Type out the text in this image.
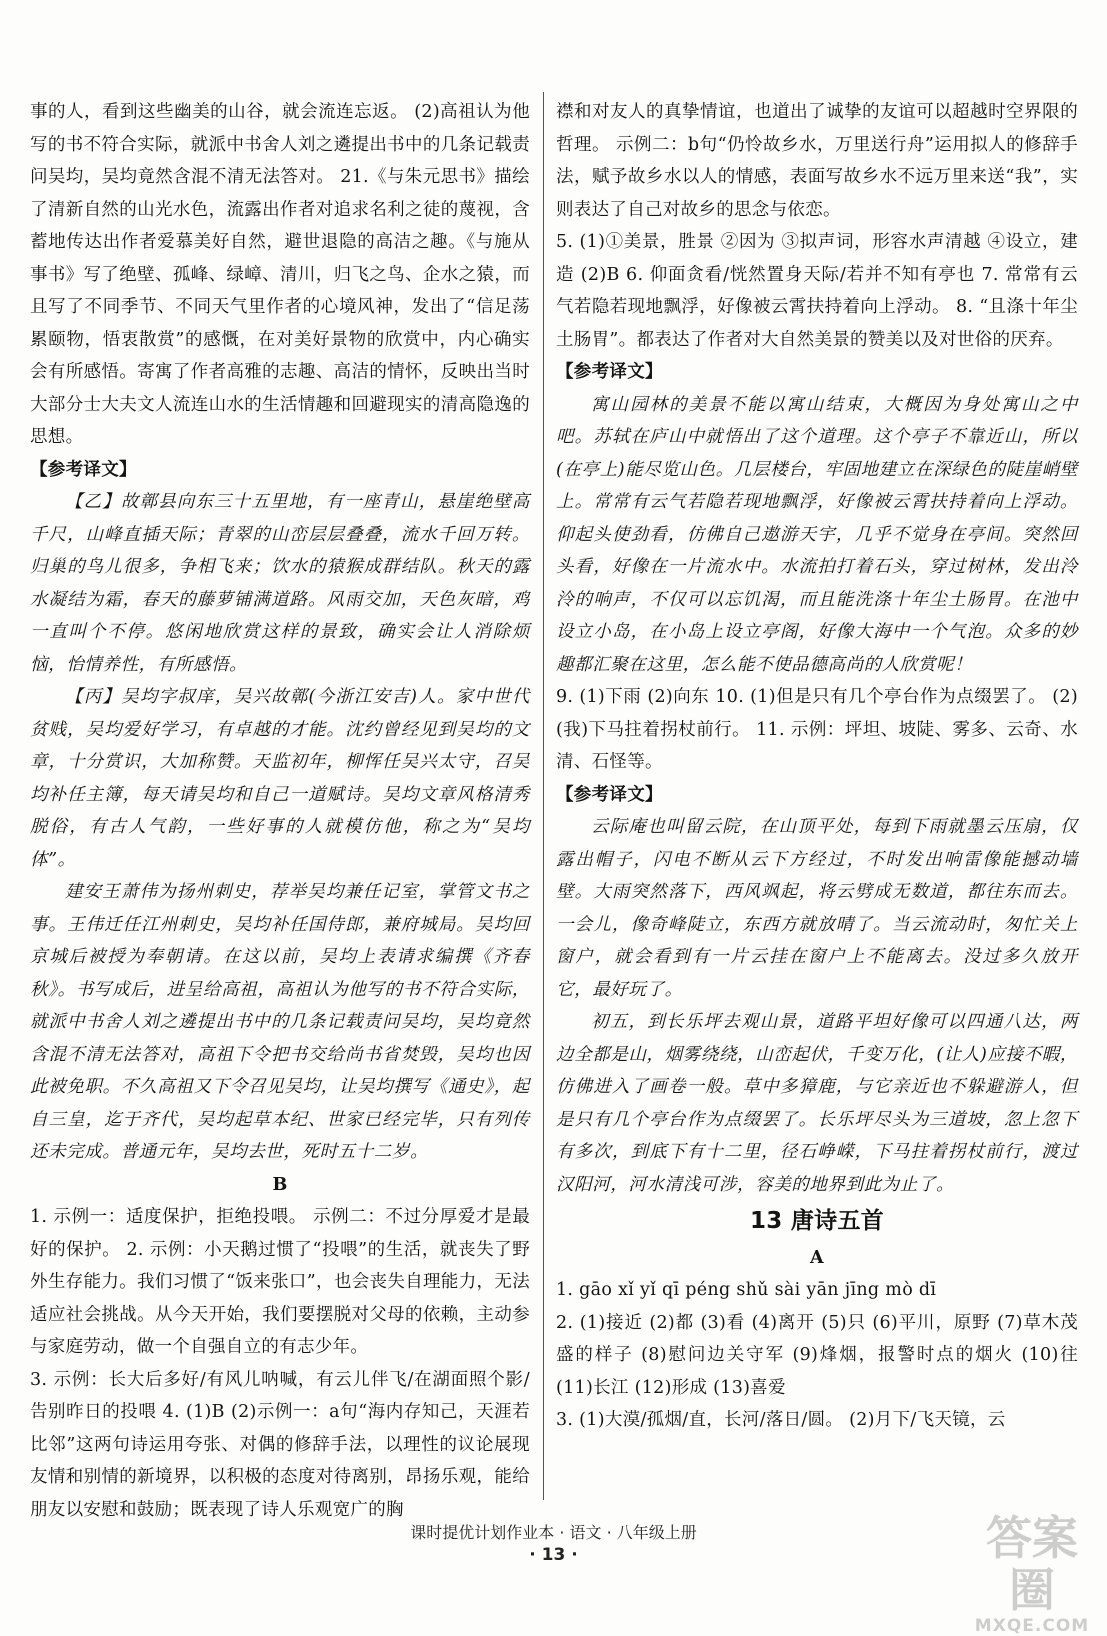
事的人，看到这些幽美的山谷，就会流连忘返。 (2)高祖认为他写的书不符合实际，就派中书舍人刘之遴提出书中的几条记载责问吴均，吴均竟然含混不清无法答对。 21.《与朱元思书》描绘了清新自然的山光水色，流露出作者对追求名利之徒的蔑视，含蓄地传达出作者爱慕美好自然，避世退隐的高洁之趣。《与施从事书》写了绝壁、孤峰、绿嶂、清川，归飞之鸟、企水之猿，而且写了不同季节、不同天气里作者的心境风神，发出了“信足荡累颐物，悟衷散赏”的感慨，在对美好景物的欣赏中，内心确实会有所感悟。寄寓了作者高雅的志趣、高洁的情怀，反映出当时大部分士大夫文人流连山水的生活情趣和回避现实的清高隐逸的思想。

【参考译文】

【乙】故鄣县向东三十五里地，有一座青山，悬崖绝壁高千尺，山峰直插天际；青翠的山峦层层叠叠，流水千回万转。归巢的鸟儿很多，争相飞来；饮水的猿猴成群结队。秋天的露水凝结为霜，春天的藤萝铺满道路。风雨交加，天色灰暗，鸡一直叫个不停。悠闲地欣赏这样的景致，确实会让人消除烦恼，怡情养性，有所感悟。

【丙】吴均字叔庠，吴兴故鄣(今浙江安吉)人。家中世代贫贱，吴均爱好学习，有卓越的才能。沈约曾经见到吴均的文章，十分赏识，大加称赞。天监初年，柳恽任吴兴太守，召吴均补任主簿，每天请吴均和自己一道赋诗。吴均文章风格清秀脱俗，有古人气韵，一些好事的人就模仿他，称之为“吴均体”。

建安王萧伟为扬州刺史，荐举吴均兼任记室，掌管文书之事。王伟迁任江州刺史，吴均补任国侍郎，兼府城局。吴均回京城后被授为奉朝请。在这以前，吴均上表请求编撰《齐春秋》。书写成后，进呈给高祖，高祖认为他写的书不符合实际，就派中书舍人刘之遴提出书中的几条记载责问吴均，吴均竟然含混不清无法答对，高祖下令把书交给尚书省焚毁，吴均也因此被免职。不久高祖又下令召见吴均，让吴均撰写《通史》，起自三皇，迄于齐代，吴均起草本纪、世家已经完毕，只有列传还未完成。普通元年，吴均去世，死时五十二岁。

B

1. 示例一：适度保护，拒绝投喂。 示例二：不过分厚爱才是最好的保护。 2. 示例：小天鹅过惯了“投喂”的生活，就丧失了野外生存能力。我们习惯了“饭来张口”，也会丧失自理能力，无法适应社会挑战。从今天开始，我们要摆脱对父母的依赖，主动参与家庭劳动，做一个自强自立的有志少年。

3. 示例：长大后多好/有风儿呐喊，有云儿伴飞/在湖面照个影/告别昨日的投喂 4. (1)B (2)示例一：a句“海内存知己，天涯若比邻”这两句诗运用夸张、对偶的修辞手法，以理性的议论展现友情和别情的新境界，以积极的态度对待离别，昂扬乐观，能给朋友以安慰和鼓励；既表现了诗人乐观宽广的胸

襟和对友人的真挚情谊，也道出了诚挚的友谊可以超越时空界限的哲理。 示例二：b句“仍怜故乡水，万里送行舟”运用拟人的修辞手法，赋予故乡水以人的情感，表面写故乡水不远万里来送“我”，实则表达了自己对故乡的思念与依恋。

5. (1)①美景，胜景 ②因为 ③拟声词，形容水声清越 ④设立，建造 (2)B 6. 仰面贪看/恍然置身天际/若并不知有亭也 7. 常常有云气若隐若现地飘浮，好像被云霄扶持着向上浮动。 8. “且涤十年尘土肠胃”。都表达了作者对大自然美景的赞美以及对世俗的厌弃。

【参考译文】

寓山园林的美景不能以寓山结束，大概因为身处寓山之中吧。苏轼在庐山中就悟出了这个道理。这个亭子不靠近山，所以(在亭上)能尽览山色。几层楼台，牢固地建立在深绿色的陡崖峭壁上。常常有云气若隐若现地飘浮，好像被云霄扶持着向上浮动。仰起头使劲看，仿佛自己遨游天宇，几乎不觉身在亭间。突然回头看，好像在一片流水中。水流拍打着石头，穿过树林，发出泠泠的响声，不仅可以忘饥渴，而且能洗涤十年尘土肠胃。在池中设立小岛，在小岛上设立亭阁，好像大海中一个气泡。众多的妙趣都汇聚在这里，怎么能不使品德高尚的人欣赏呢！

9. (1)下雨 (2)向东 10. (1)但是只有几个亭台作为点缀罢了。 (2)(我)下马拄着拐杖前行。 11. 示例：坪坦、坡陡、雾多、云奇、水清、石怪等。

【参考译文】

云际庵也叫留云院，在山顶平处，每到下雨就墨云压扇，仅露出帽子，闪电不断从云下方经过，不时发出响雷像能撼动墙壁。大雨突然落下，西风飒起，将云劈成无数道，都往东而去。一会儿，像奇峰陡立，东西方就放晴了。当云流动时，匆忙关上窗户，就会看到有一片云挂在窗户上不能离去。没过多久放开它，最好玩了。

初五，到长乐坪去观山景，道路平坦好像可以四通八达，两边全都是山，烟雾绕绕，山峦起伏，千变万化，(让人)应接不暇，仿佛进入了画卷一般。草中多獐鹿，与它亲近也不躲避游人，但是只有几个亭台作为点缀罢了。长乐坪尽头为三道坡，忽上忽下有多次，到底下有十二里，径石峥嵘，下马拄着拐杖前行，渡过汉阳河，河水清浅可涉，容美的地界到此为止了。

13 唐诗五首

A

1. gāo xǐ yǐ qī péng shǔ sài yān jīng mò dī

2. (1)接近 (2)都 (3)看 (4)离开 (5)只 (6)平川，原野 (7)草木茂盛的样子 (8)慰问边关守军 (9)烽烟，报警时点的烟火 (10)往 (11)长江 (12)形成 (13)喜爱

3. (1)大漠/孤烟/直，长河/落日/圆。 (2)月下/飞天镜，云

课时提优计划作业本 · 语文 · 八年级上册
· 13 ·	答案圈
MXQE.COM
